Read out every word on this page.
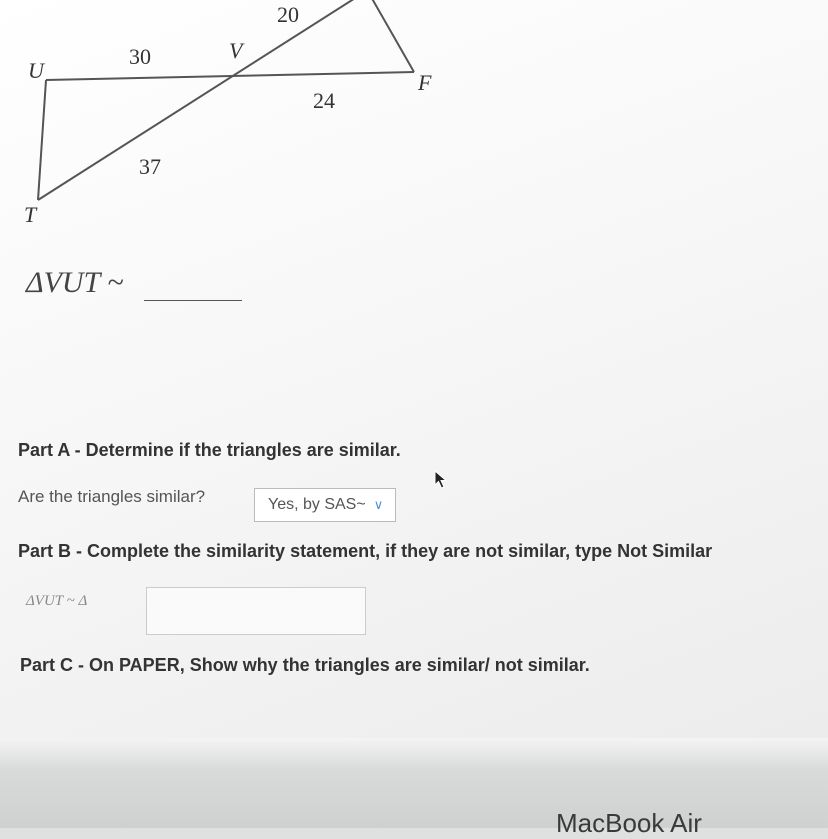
U
V
F
T
20
30
24
37
ΔVUT ~
Part A - Determine if the triangles are similar.
Are the triangles similar?	Yes, by SAS~ ∨
Part B - Complete the similarity statement, if they are not similar, type Not Similar
ΔVUT ~ Δ
Part C - On PAPER, Show why the triangles are similar/ not similar.
MacBook Air
